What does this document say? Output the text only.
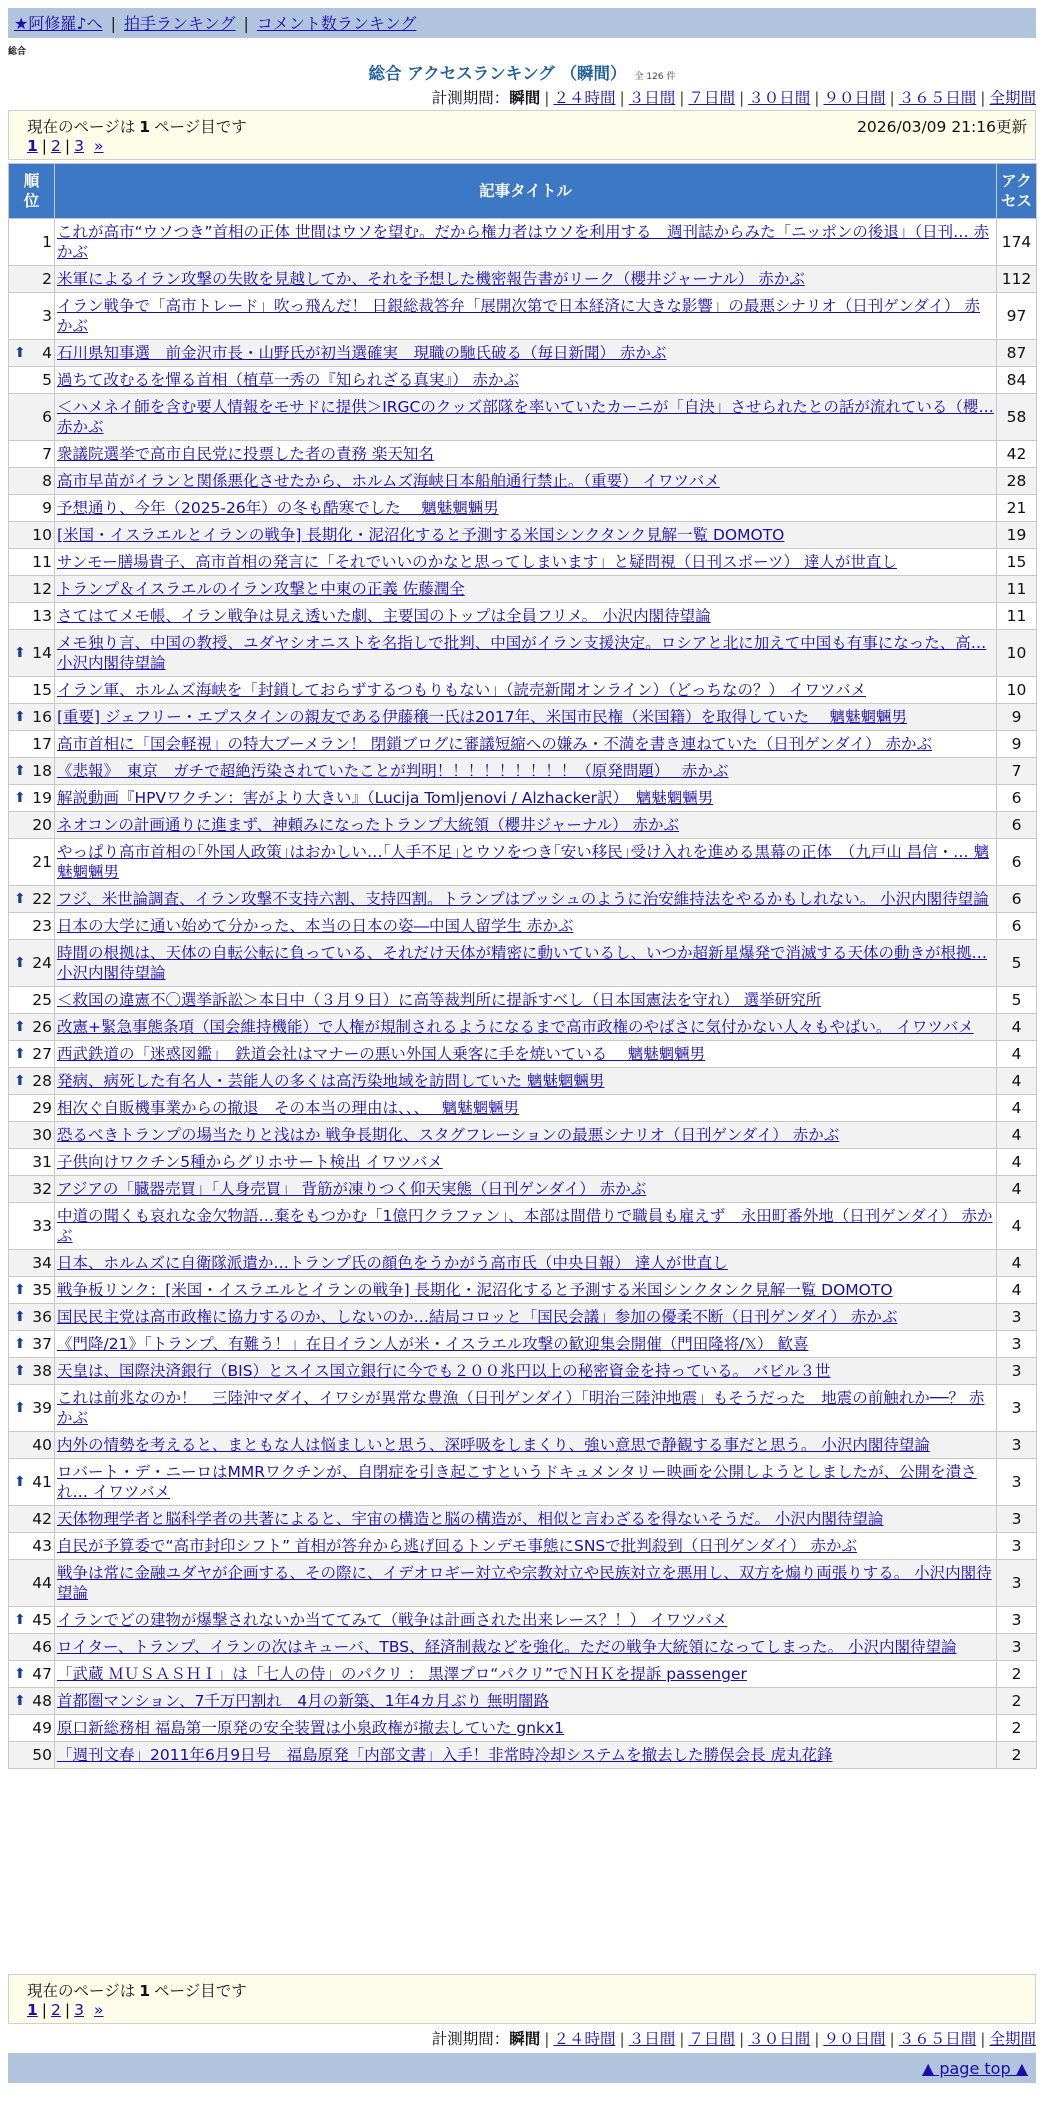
★阿修羅♪へ | 拍手ランキング | コメント数ランキング
総合
総合 アクセスランキング （瞬間） 全 126 件
計測期間：瞬間 | ２４時間 | ３日間 | ７日間 | ３０日間 | ９０日間 | ３６５日間 | 全期間
現在のページは 1 ページ目です	2026/03/09 21:16更新
1 | 2 | 3 »
順位	記事タイトル	アクセス

1	これが高市“ウソつき”首相の正体 世間はウソを望む。だから権力者はウソを利用する　週刊誌からみた「ニッポンの後退」（日刊… 赤かぶ	174
2	米軍によるイラン攻撃の失敗を見越してか、それを予想した機密報告書がリーク（櫻井ジャーナル） 赤かぶ	112
3	イラン戦争で「高市トレード」吹っ飛んだ！ 日銀総裁答弁「展開次第で日本経済に大きな影響」の最悪シナリオ（日刊ゲンダイ） 赤かぶ	97

⬆ 4	石川県知事選　前金沢市長・山野氏が初当選確実　現職の馳氏破る（毎日新聞） 赤かぶ	87
5	過ちて改むるを憚る首相（植草一秀の『知られざる真実』） 赤かぶ	84
6	＜ハメネイ師を含む要人情報をモサドに提供＞IRGCのクッズ部隊を率いていたカーニが「自決」させられたとの話が流れている（櫻… 赤かぶ	58
7	衆議院選挙で高市自民党に投票した者の責務 楽天知名	42
8	高市早苗がイランと関係悪化させたから、ホルムズ海峡日本船舶通行禁止。（重要） イワツバメ	28
9	予想通り、今年（2025-26年）の冬も酷寒でした　 魑魅魍魎男	21
10	[米国・イスラエルとイランの戦争] 長期化・泥沼化すると予測する米国シンクタンク見解一覧 DOMOTO	19
11	サンモー膳場貴子、高市首相の発言に「それでいいのかなと思ってしまいます」と疑問視（日刊スポーツ） 達人が世直し	15
12	トランプ＆イスラエルのイラン攻撃と中東の正義 佐藤潤全	11
13	さてはてメモ帳、イラン戦争は見え透いた劇、主要国のトップは全員フリメ。 小沢内閣待望論	11

⬆ 14	メモ独り言、中国の教授、ユダヤシオニストを名指しで批判、中国がイラン支援決定。ロシアと北に加えて中国も有事になった、高… 小沢内閣待望論	10
15	イラン軍、ホルムズ海峡を「封鎖しておらずするつもりもない」（読売新聞オンライン）（どっちなの？） イワツバメ	10

⬆ 16	[重要] ジェフリー・エプスタインの親友である伊藤穣一氏は2017年、米国市民権（米国籍）を取得していた　 魑魅魍魎男	9
17	高市首相に「国会軽視」の特大ブーメラン！ 閉鎖ブログに審議短縮への嫌み・不満を書き連ねていた（日刊ゲンダイ） 赤かぶ	9

⬆ 18	《悲報》　東京　ガチで超絶汚染されていたことが判明！！！！！！！！！（原発問題）　 赤かぶ	7

⬆ 19	解説動画『HPVワクチン：害がより大きい』（Lucija Tomljenovi / Alzhacker訳）　魑魅魍魎男	6
20	ネオコンの計画通りに進まず、神頼みになったトランプ大統領（櫻井ジャーナル） 赤かぶ	6
21	やっぱり高市首相の｢外国人政策｣はおかしい…｢人手不足｣とウソをつき｢安い移民｣受け入れを進める黒幕の正体　（九戸山 昌信・… 魑魅魍魎男	6

⬆ 22	フジ、米世論調査、イラン攻撃不支持六割、支持四割。トランプはブッシュのように治安維持法をやるかもしれない。 小沢内閣待望論	6
23	日本の大学に通い始めて分かった、本当の日本の姿―中国人留学生 赤かぶ	6

⬆ 24	時間の根拠は、天体の自転公転に負っている、それだけ天体が精密に動いているし、いつか超新星爆発で消滅する天体の動きが根拠… 小沢内閣待望論	5
25	＜救国の違憲不〇選挙訴訟＞本日中（３月９日）に高等裁判所に提訴すべし（日本国憲法を守れ） 選挙研究所	5

⬆ 26	改憲+緊急事態条項（国会維持機能）で人権が規制されるようになるまで高市政権のやばさに気付かない人々もやばい。 イワツバメ	4

⬆ 27	西武鉄道の「迷惑図鑑」　鉄道会社はマナーの悪い外国人乗客に手を焼いている　 魑魅魍魎男	4

⬆ 28	発病、病死した有名人・芸能人の多くは高汚染地域を訪問していた 魑魅魍魎男	4
29	相次ぐ自販機事業からの撤退　その本当の理由は、、、　 魑魅魍魎男	4
30	恐るべきトランプの場当たりと浅はか 戦争長期化、スタグフレーションの最悪シナリオ（日刊ゲンダイ） 赤かぶ	4
31	子供向けワクチン5種からグリホサート検出 イワツバメ	4
32	アジアの「臓器売買」「人身売買」 背筋が凍りつく仰天実態（日刊ゲンダイ） 赤かぶ	4
33	中道の聞くも哀れな金欠物語…棄をもつかむ「1億円クラファン」、本部は間借りで職員も雇えず　永田町番外地（日刊ゲンダイ） 赤かぶ	4
34	日本、ホルムズに自衛隊派遣か…トランプ氏の顔色をうかがう高市氏（中央日報） 達人が世直し	4

⬆ 35	戦争板リンク：[米国・イスラエルとイランの戦争] 長期化・泥沼化すると予測する米国シンクタンク見解一覧 DOMOTO	4

⬆ 36	国民民主党は高市政権に協力するのか、しないのか…結局コロッと「国民会議」参加の優柔不断（日刊ゲンダイ） 赤かぶ	3

⬆ 37	《門降/21》「トランプ、有難う！」在日イラン人が米・イスラエル攻撃の歓迎集会開催（門田隆将/𝕏） 歓喜	3

⬆ 38	天皇は、国際決済銀行（BIS）とスイス国立銀行に今でも２００兆円以上の秘密資金を持っている。 バビル３世	3

⬆ 39	これは前兆なのか！　三陸沖マダイ、イワシが異常な豊漁（日刊ゲンダイ）「明治三陸沖地震」もそうだった　地震の前触れか──？ 赤かぶ	3
40	内外の情勢を考えると、まともな人は悩ましいと思う、深呼吸をしまくり、強い意思で静観する事だと思う。 小沢内閣待望論	3

⬆ 41	ロバート・デ・ニーロはMMRワクチンが、自閉症を引き起こすというドキュメンタリー映画を公開しようとしましたが、公開を潰され… イワツバメ	3
42	天体物理学者と脳科学者の共著によると、宇宙の構造と脳の構造が、相似と言わざるを得ないそうだ。 小沢内閣待望論	3
43	自民が予算委で“高市封印シフト” 首相が答弁から逃げ回るトンデモ事態にSNSで批判殺到（日刊ゲンダイ） 赤かぶ	3
44	戦争は常に金融ユダヤが企画する、その際に、イデオロギー対立や宗教対立や民族対立を悪用し、双方を煽り両張りする。 小沢内閣待望論	3

⬆ 45	イランでどの建物が爆撃されないか当ててみて（戦争は計画された出来レース？！） イワツバメ	3
46	ロイター、トランプ、イランの次はキューバ、TBS、経済制裁などを強化。ただの戦争大統領になってしまった。 小沢内閣待望論	3

⬆ 47	「武蔵 ＭＵＳＡＳＨＩ」は「七人の侍」のパクリ ： 黒澤プロ“パクリ”でＮＨＫを提訴 passenger	2

⬆ 48	首都圏マンション、7千万円割れ　4月の新築、1年4カ月ぶり 無明闇路	2
49	原口新総務相 福島第一原発の安全装置は小泉政権が撤去していた gnkx1	2
50	「週刊文春」2011年6月9日号　福島原発「内部文書」入手！非常時冷却システムを撤去した勝俣会長 虎丸花鋒	2
現在のページは 1 ページ目です
1 | 2 | 3 »
計測期間：瞬間 | ２４時間 | ３日間 | ７日間 | ３０日間 | ９０日間 | ３６５日間 | 全期間
▲ page top ▲
